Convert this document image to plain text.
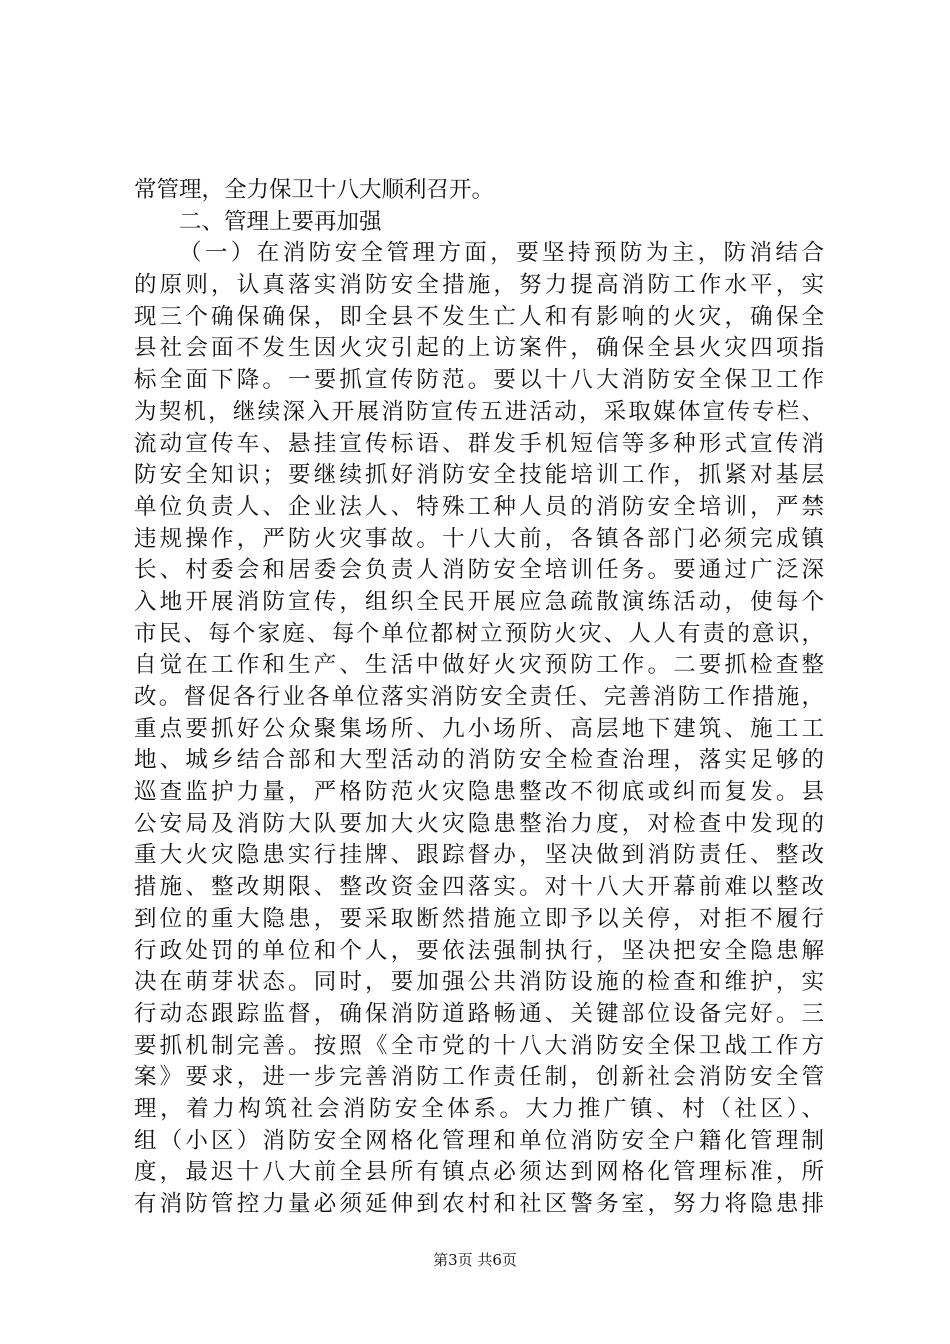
常管理，全力保卫十八大顺利召开。
二、管理上要再加强
（一）在消防安全管理方面，要坚持预防为主，防消结合
的原则，认真落实消防安全措施，努力提高消防工作水平，实
现三个确保确保，即全县不发生亡人和有影响的火灾，确保全
县社会面不发生因火灾引起的上访案件，确保全县火灾四项指
标全面下降。一要抓宣传防范。要以十八大消防安全保卫工作
为契机，继续深入开展消防宣传五进活动，采取媒体宣传专栏、
流动宣传车、悬挂宣传标语、群发手机短信等多种形式宣传消
防安全知识；要继续抓好消防安全技能培训工作，抓紧对基层
单位负责人、企业法人、特殊工种人员的消防安全培训，严禁
违规操作，严防火灾事故。十八大前，各镇各部门必须完成镇
长、村委会和居委会负责人消防安全培训任务。要通过广泛深
入地开展消防宣传，组织全民开展应急疏散演练活动，使每个
市民、每个家庭、每个单位都树立预防火灾、人人有责的意识，
自觉在工作和生产、生活中做好火灾预防工作。二要抓检查整
改。督促各行业各单位落实消防安全责任、完善消防工作措施，
重点要抓好公众聚集场所、九小场所、高层地下建筑、施工工
地、城乡结合部和大型活动的消防安全检查治理，落实足够的
巡查监护力量，严格防范火灾隐患整改不彻底或纠而复发。县
公安局及消防大队要加大火灾隐患整治力度，对检查中发现的
重大火灾隐患实行挂牌、跟踪督办，坚决做到消防责任、整改
措施、整改期限、整改资金四落实。对十八大开幕前难以整改
到位的重大隐患，要采取断然措施立即予以关停，对拒不履行
行政处罚的单位和个人，要依法强制执行，坚决把安全隐患解
决在萌芽状态。同时，要加强公共消防设施的检查和维护，实
行动态跟踪监督，确保消防道路畅通、关键部位设备完好。三
要抓机制完善。按照《全市党的十八大消防安全保卫战工作方
案》要求，进一步完善消防工作责任制，创新社会消防安全管
理，着力构筑社会消防安全体系。大力推广镇、村（社区）、
组（小区）消防安全网格化管理和单位消防安全户籍化管理制
度，最迟十八大前全县所有镇点必须达到网格化管理标准，所
有消防管控力量必须延伸到农村和社区警务室，努力将隐患排
第3页 共6页
